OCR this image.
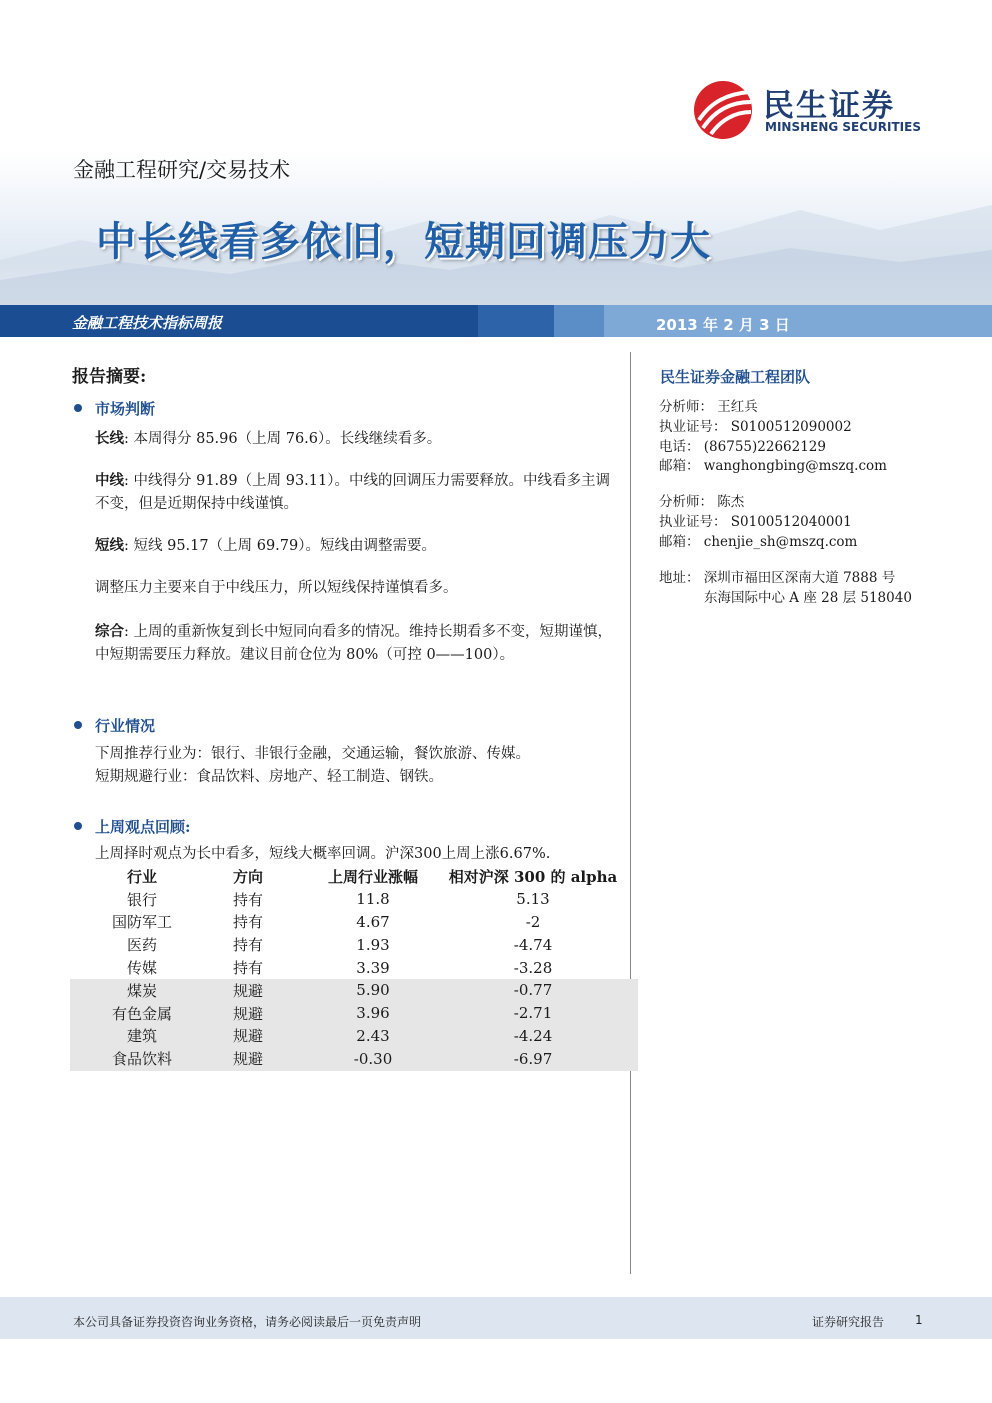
民生证券
MINSHENG SECURITIES
金融工程研究/交易技术
中长线看多依旧，短期回调压力大
金融工程技术指标周报	2013 年 2 月 3 日
报告摘要:
市场判断
长线: 本周得分 85.96（上周 76.6）。长线继续看多。
中线: 中线得分 91.89（上周 93.11）。中线的回调压力需要释放。中线看多主调不变，但是近期保持中线谨慎。
短线: 短线 95.17（上周 69.79）。短线由调整需要。
调整压力主要来自于中线压力，所以短线保持谨慎看多。
综合: 上周的重新恢复到长中短同向看多的情况。维持长期看多不变，短期谨慎，中短期需要压力释放。建议目前仓位为 80%（可控 0——100）。
行业情况
下周推荐行业为：银行、非银行金融，交通运输，餐饮旅游、传媒。
短期规避行业：食品饮料、房地产、轻工制造、钢铁。
上周观点回顾:
上周择时观点为长中看多，短线大概率回调。沪深300上周上涨6.67%.
行业	方向	上周行业涨幅	相对沪深 300 的 alpha
银行	持有	11.8	5.13
国防军工	持有	4.67	-2
医药	持有	1.93	-4.74
传媒	持有	3.39	-3.28
煤炭	规避	5.90	-0.77
有色金属	规避	3.96	-2.71
建筑	规避	2.43	-4.24
食品饮料	规避	-0.30	-6.97
民生证券金融工程团队
分析师： 王红兵
执业证号： S0100512090002
电话： (86755)22662129
邮箱： wanghongbing@mszq.com
分析师： 陈杰
执业证号： S0100512040001
邮箱： chenjie_sh@mszq.com
地址： 深圳市福田区深南大道 7888 号
东海国际中心 A 座 28 层 518040
本公司具备证券投资咨询业务资格，请务必阅读最后一页免责声明	证券研究报告	1
